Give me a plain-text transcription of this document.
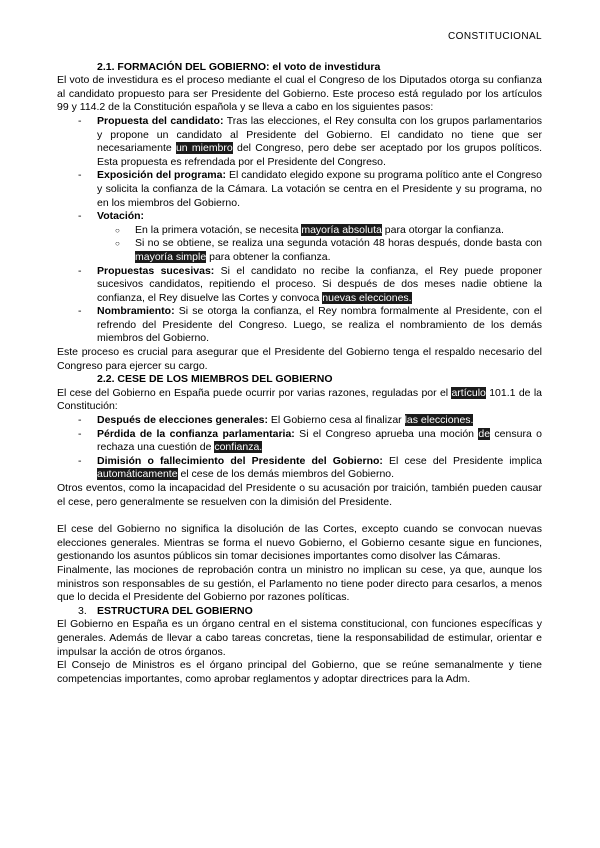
CONSTITUCIONAL
2.1. FORMACIÓN DEL GOBIERNO: el voto de investidura

El voto de investidura es el proceso mediante el cual el Congreso de los Diputados otorga su confianza al candidato propuesto para ser Presidente del Gobierno. Este proceso está regulado por los artículos 99 y 114.2 de la Constitución española y se lleva a cabo en los siguientes pasos:

-	Propuesta del candidato: Tras las elecciones, el Rey consulta con los grupos parlamentarios y propone un candidato al Presidente del Gobierno. El candidato no tiene que ser necesariamente un miembro del Congreso, pero debe ser aceptado por los grupos políticos. Esta propuesta es refrendada por el Presidente del Congreso.
-	Exposición del programa: El candidato elegido expone su programa político ante el Congreso y solicita la confianza de la Cámara. La votación se centra en el Presidente y su programa, no en los miembros del Gobierno.
-	Votación:
○	En la primera votación, se necesita mayoría absoluta para otorgar la confianza.
○	Si no se obtiene, se realiza una segunda votación 48 horas después, donde basta con mayoría simple para obtener la confianza.
-	Propuestas sucesivas: Si el candidato no recibe la confianza, el Rey puede proponer sucesivos candidatos, repitiendo el proceso. Si después de dos meses nadie obtiene la confianza, el Rey disuelve las Cortes y convoca nuevas elecciones.
-	Nombramiento: Si se otorga la confianza, el Rey nombra formalmente al Presidente, con el refrendo del Presidente del Congreso. Luego, se realiza el nombramiento de los demás miembros del Gobierno.

Este proceso es crucial para asegurar que el Presidente del Gobierno tenga el respaldo necesario del Congreso para ejercer su cargo.

2.2. CESE DE LOS MIEMBROS DEL GOBIERNO

El cese del Gobierno en España puede ocurrir por varias razones, reguladas por el artículo 101.1 de la Constitución:

-	Después de elecciones generales: El Gobierno cesa al finalizar las elecciones.
-	Pérdida de la confianza parlamentaria: Si el Congreso aprueba una moción de censura o rechaza una cuestión de confianza.
-	Dimisión o fallecimiento del Presidente del Gobierno: El cese del Presidente implica automáticamente el cese de los demás miembros del Gobierno.

Otros eventos, como la incapacidad del Presidente o su acusación por traición, también pueden causar el cese, pero generalmente se resuelven con la dimisión del Presidente.

El cese del Gobierno no significa la disolución de las Cortes, excepto cuando se convocan nuevas elecciones generales. Mientras se forma el nuevo Gobierno, el Gobierno cesante sigue en funciones, gestionando los asuntos públicos sin tomar decisiones importantes como disolver las Cámaras.

Finalmente, las mociones de reprobación contra un ministro no implican su cese, ya que, aunque los ministros son responsables de su gestión, el Parlamento no tiene poder directo para cesarlos, a menos que lo decida el Presidente del Gobierno por razones políticas.

3. ESTRUCTURA DEL GOBIERNO

El Gobierno en España es un órgano central en el sistema constitucional, con funciones específicas y generales. Además de llevar a cabo tareas concretas, tiene la responsabilidad de estimular, orientar e impulsar la acción de otros órganos.

El Consejo de Ministros es el órgano principal del Gobierno, que se reúne semanalmente y tiene competencias importantes, como aprobar reglamentos y adoptar directrices para la Adm.
